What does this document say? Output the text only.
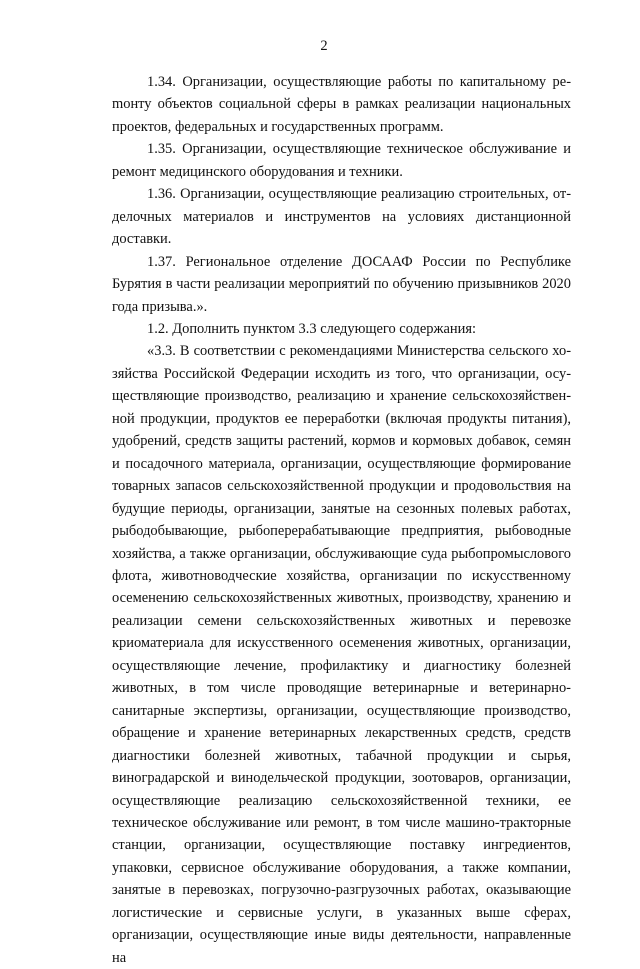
2

1.34. Организации, осуществляющие работы по капитальному реmонту объектов социальной сферы в рамках реализации национальных проектов, федеральных и государственных программ.

1.35. Организации, осуществляющие техническое обслуживание и ремонт медицинского оборудования и техники.

1.36. Организации, осуществляющие реализацию строительных, отделочных материалов и инструментов на условиях дистанционной доставки.

1.37. Региональное отделение ДОСААФ России по Республике Бурятия в части реализации мероприятий по обучению призывников 2020 года призыва.».

1.2. Дополнить пунктом 3.3 следующего содержания:

«3.3. В соответствии с рекомендациями Министерства сельского хозяйства Российской Федерации исходить из того, что организации, осуществляющие производство, реализацию и хранение сельскохозяйственной продукции, продуктов ее переработки (включая продукты питания), удобрений, средств защиты растений, кормов и кормовых добавок, семян и посадочного материала, организации, осуществляющие формирование товарных запасов сельскохозяйственной продукции и продовольствия на будущие периоды, организации, занятые на сезонных полевых работах, рыбодобывающие, рыбоперерабатывающие предприятия, рыбоводные хозяйства, а также организации, обслуживающие суда рыбопромыслового флота, животноводческие хозяйства, организации по искусственному осеменению сельскохозяйственных животных, производству, хранению и реализации семени сельскохозяйственных животных и перевозке криоматериала для искусственного осеменения животных, организации, осуществляющие лечение, профилактику и диагностику болезней животных, в том числе проводящие ветеринарные и ветеринарно-санитарные экспертизы, организации, осуществляющие производство, обращение и хранение ветеринарных лекарственных средств, средств диагностики болезней животных, табачной продукции и сырья, виноградарской и винодельческой продукции, зоотоваров, организации, осуществляющие реализацию сельскохозяйственной техники, ее техническое обслуживание или ремонт, в том числе машино-тракторные станции, организации, осуществляющие поставку ингредиентов, упаковки, сервисное обслуживание оборудования, а также компании, занятые в перевозках, погрузочно-разгрузочных работах, оказывающие логистические и сервисные услуги, в указанных выше сферах, организации, осуществляющие иные виды деятельности, направленные на
